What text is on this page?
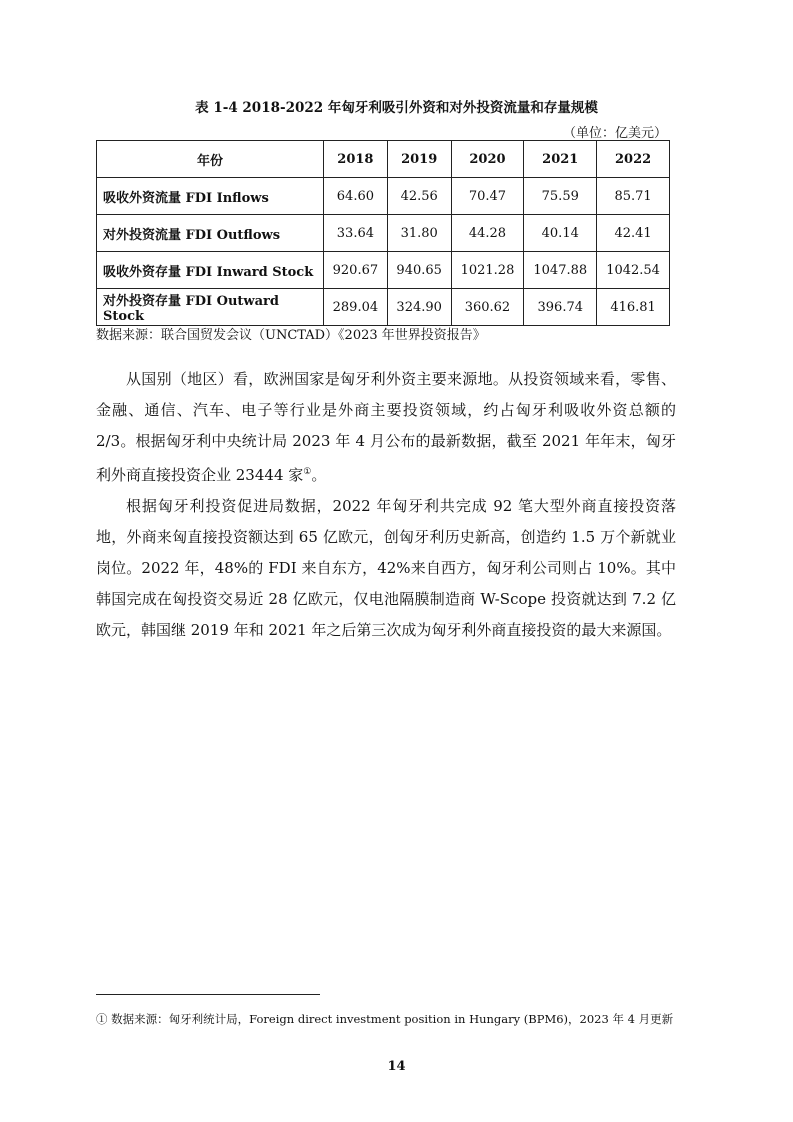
表 1-4 2018-2022 年匈牙利吸引外资和对外投资流量和存量规模
（单位：亿美元）
年份	2018	2019	2020	2021	2022
吸收外资流量 FDI Inflows	64.60	42.56	70.47	75.59	85.71
对外投资流量 FDI Outflows	33.64	31.80	44.28	40.14	42.41
吸收外资存量 FDI Inward Stock	920.67	940.65	1021.28	1047.88	1042.54
对外投资存量 FDI Outward Stock	289.04	324.90	360.62	396.74	416.81
数据来源：联合国贸发会议（UNCTAD）《2023 年世界投资报告》

从国别（地区）看，欧洲国家是匈牙利外资主要来源地。从投资领域来看，零售、金融、通信、汽车、电子等行业是外商主要投资领域，约占匈牙利吸收外资总额的 2/3。根据匈牙利中央统计局 2023 年 4 月公布的最新数据，截至 2021 年年末，匈牙利外商直接投资企业 23444 家①。

根据匈牙利投资促进局数据，2022 年匈牙利共完成 92 笔大型外商直接投资落地，外商来匈直接投资额达到 65 亿欧元，创匈牙利历史新高，创造约 1.5 万个新就业岗位。2022 年，48%的 FDI 来自东方，42%来自西方，匈牙利公司则占 10%。其中韩国完成在匈投资交易近 28 亿欧元，仅电池隔膜制造商 W-Scope 投资就达到 7.2 亿欧元，韩国继 2019 年和 2021 年之后第三次成为匈牙利外商直接投资的最大来源国。

① 数据来源：匈牙利统计局，Foreign direct investment position in Hungary (BPM6)，2023 年 4 月更新
14
